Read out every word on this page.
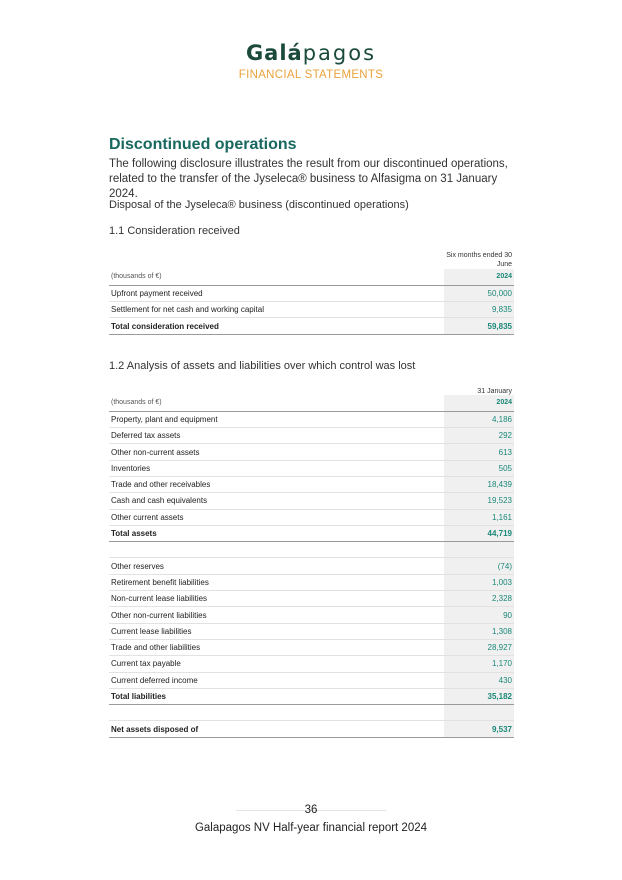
Galápagos
FINANCIAL STATEMENTS
Discontinued operations
The following disclosure illustrates the result from our discontinued operations, related to the transfer of the Jyseleca® business to Alfasigma on 31 January 2024.
Disposal of the Jyseleca® business (discontinued operations)
1.1 Consideration received
	Six months ended 30 June
(thousands of €)	2024
Upfront payment received	50,000
Settlement for net cash and working capital	9,835
Total consideration received	59,835
1.2 Analysis of assets and liabilities over which control was lost
	31 January
(thousands of €)	2024
Property, plant and equipment	4,186
Deferred tax assets	292
Other non-current assets	613
Inventories	505
Trade and other receivables	18,439
Cash and cash equivalents	19,523
Other current assets	1,161
Total assets	44,719

Other reserves	(74)
Retirement benefit liabilities	1,003
Non-current lease liabilities	2,328
Other non-current liabilities	90
Current lease liabilities	1,308
Trade and other liabilities	28,927
Current tax payable	1,170
Current deferred income	430
Total liabilities	35,182

Net assets disposed of	9,537
36
Galapagos NV Half-year financial report 2024
